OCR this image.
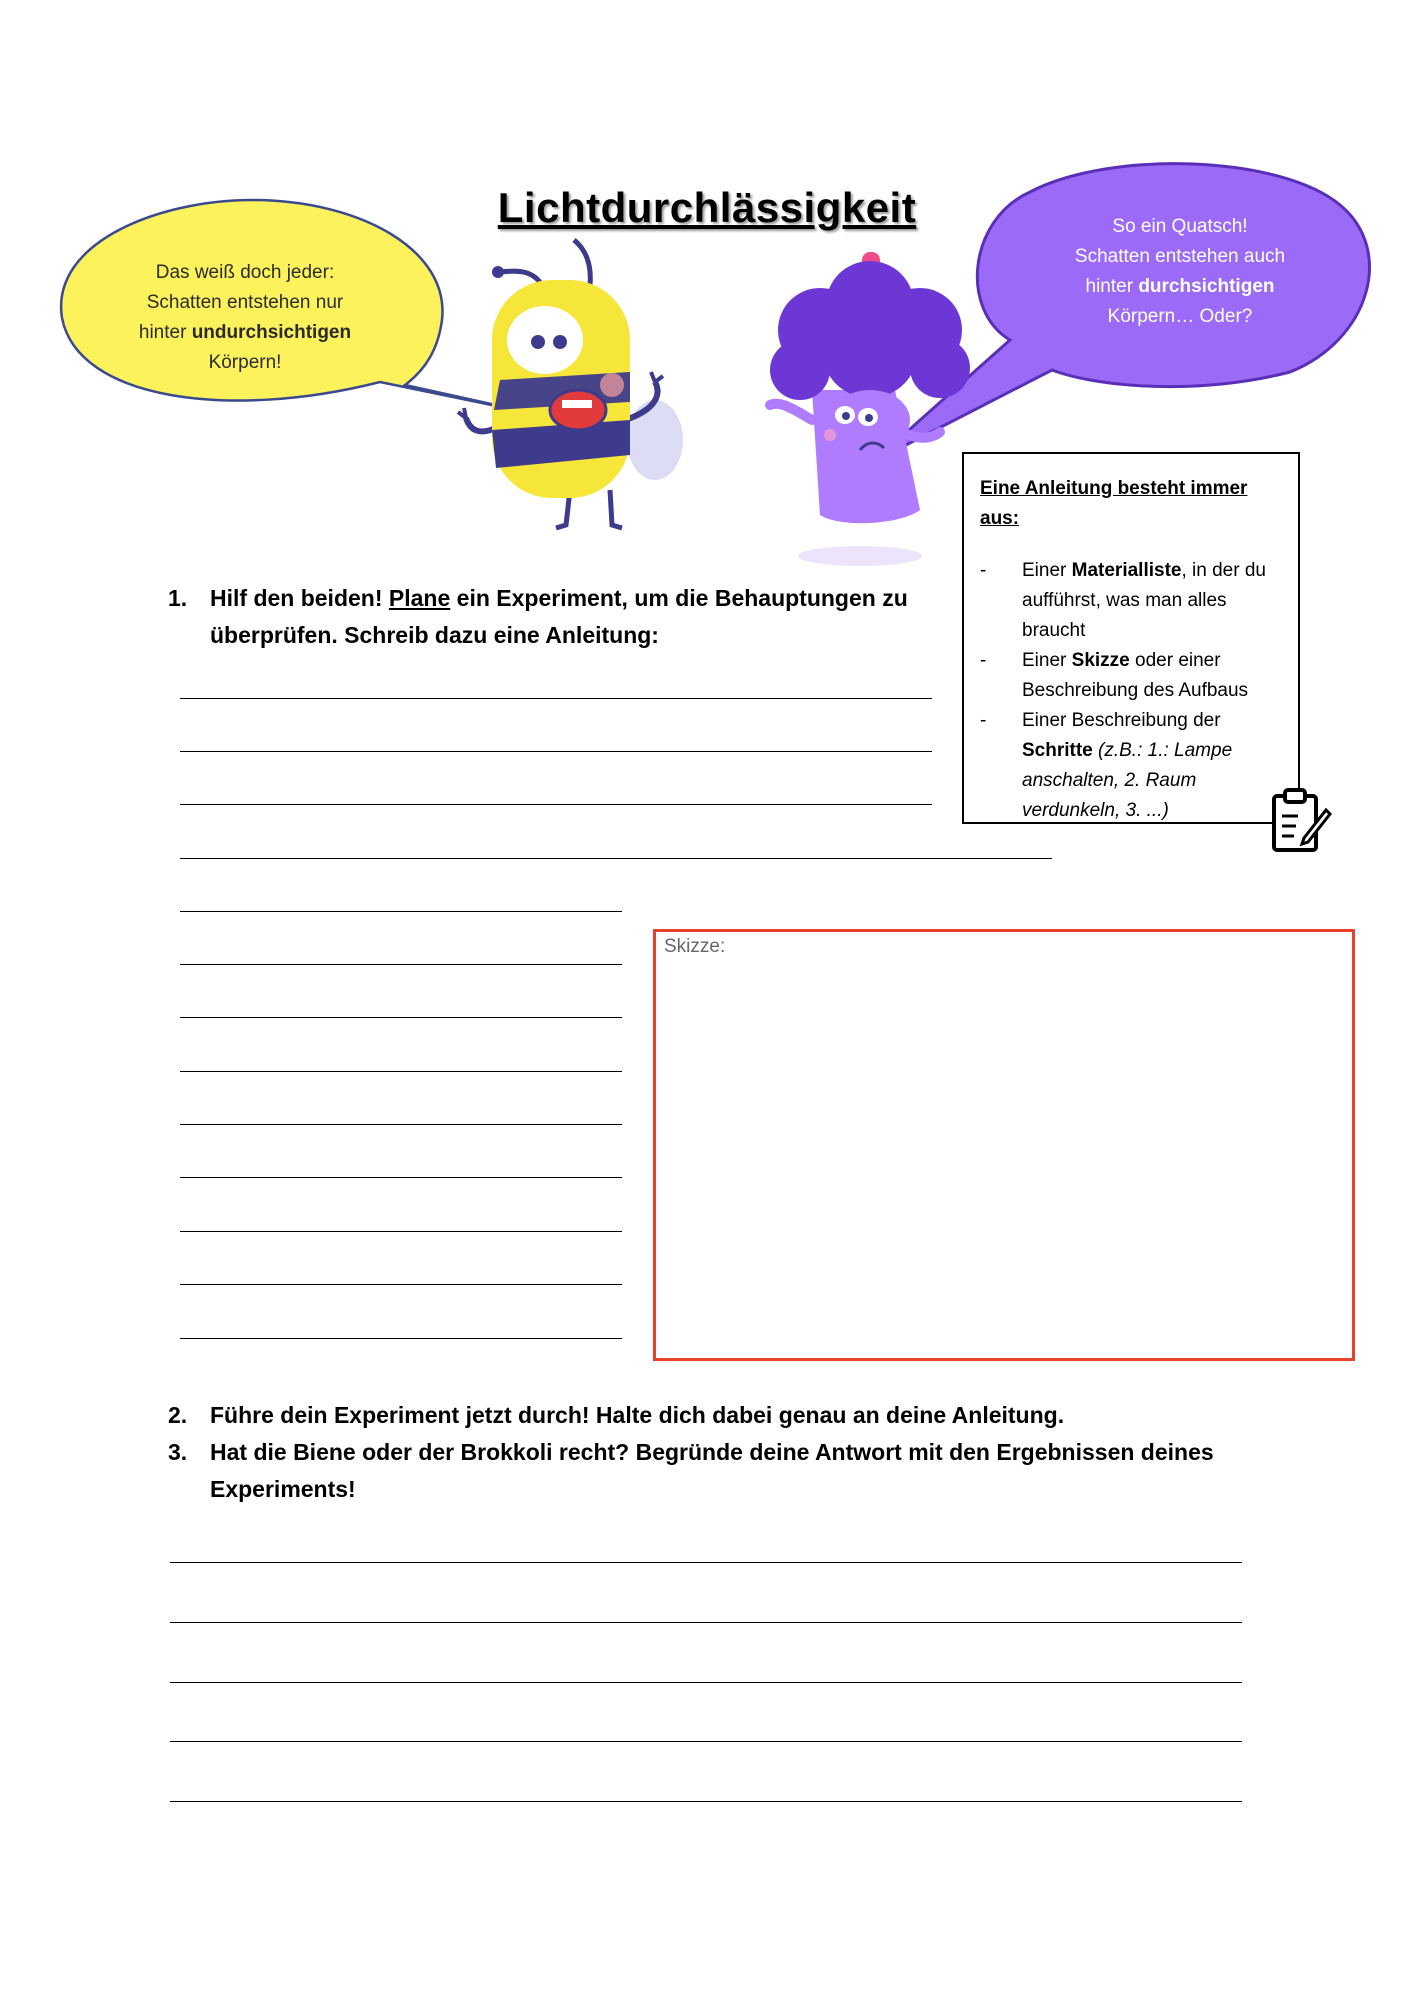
Lichtdurchlässigkeit
Das weiß doch jeder:
Schatten entstehen nur
hinter undurchsichtigen
Körpern!
So ein Quatsch!
Schatten entstehen auch
hinter durchsichtigen
Körpern… Oder?
Eine Anleitung besteht immer aus:
-	Einer Materialliste, in der du aufführst, was man alles braucht
-	Einer Skizze oder einer Beschreibung des Aufbaus
-	Einer Beschreibung der Schritte (z.B.: 1.: Lampe anschalten, 2. Raum verdunkeln, 3. ...)
1. Hilf den beiden! Plane ein Experiment, um die Behauptungen zu überprüfen. Schreib dazu eine Anleitung:
Skizze:
2. Führe dein Experiment jetzt durch! Halte dich dabei genau an deine Anleitung.
3. Hat die Biene oder der Brokkoli recht? Begründe deine Antwort mit den Ergebnissen deines Experiments!
